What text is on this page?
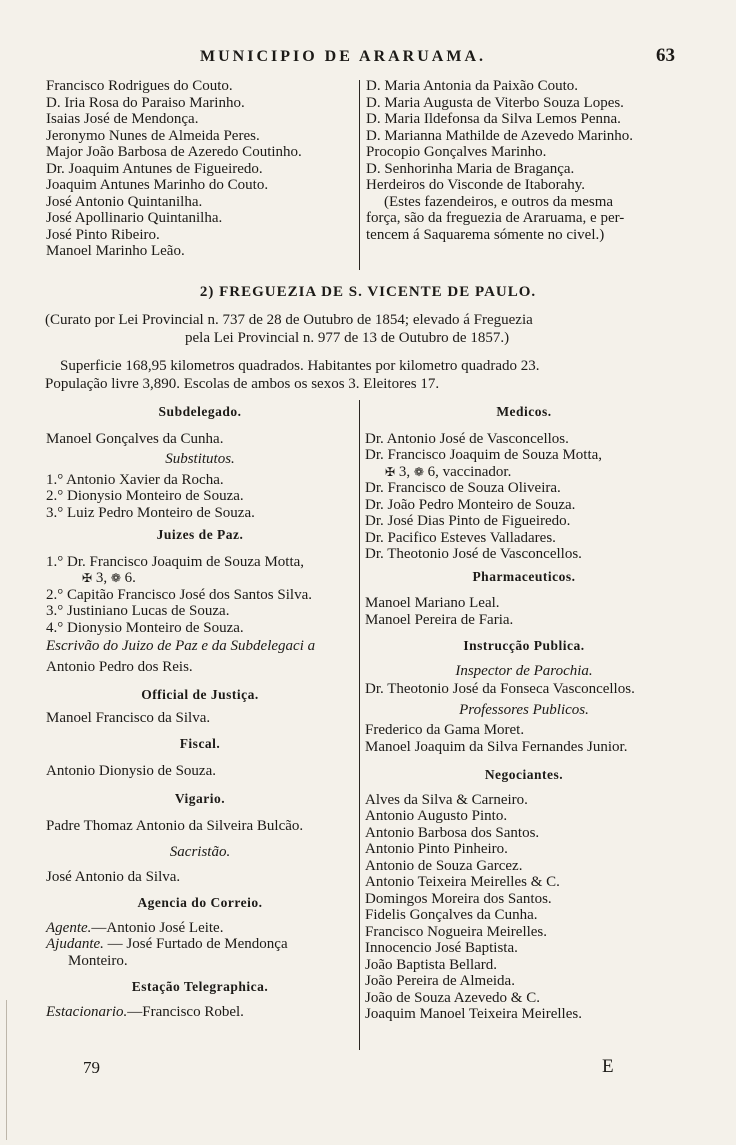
MUNICIPIO DE ARARUAMA.	63
Francisco Rodrigues do Couto.
D. Iria Rosa do Paraiso Marinho.
Isaias José de Mendonça.
Jeronymo Nunes de Almeida Peres.
Major João Barbosa de Azeredo Coutinho.
Dr. Joaquim Antunes de Figueiredo.
Joaquim Antunes Marinho do Couto.
José Antonio Quintanilha.
José Apollinario Quintanilha.
José Pinto Ribeiro.
Manoel Marinho Leão.
D. Maria Antonia da Paixão Couto.
D. Maria Augusta de Viterbo Souza Lopes.
D. Maria Ildefonsa da Silva Lemos Penna.
D. Marianna Mathilde de Azevedo Marinho.
Procopio Gonçalves Marinho.
D. Senhorinha Maria de Bragança.
Herdeiros do Visconde de Itaborahy.
(Estes fazendeiros, e outros da mesma
força, são da freguezia de Araruama, e per-
tencem á Saquarema sómente no civel.)
2) FREGUEZIA DE S. VICENTE DE PAULO.
(Curato por Lei Provincial n. 737 de 28 de Outubro de 1854; elevado á Freguezia
pela Lei Provincial n. 977 de 13 de Outubro de 1857.)
Superficie 168,95 kilometros quadrados. Habitantes por kilometro quadrado 23.
População livre 3,890. Escolas de ambos os sexos 3. Eleitores 17.
Subdelegado.
Manoel Gonçalves da Cunha.
Substitutos.
1.° Antonio Xavier da Rocha.
2.° Dionysio Monteiro de Souza.
3.° Luiz Pedro Monteiro de Souza.
Juizes de Paz.
1.° Dr. Francisco Joaquim de Souza Motta,
✠ 3, ❁ 6.
2.° Capitão Francisco José dos Santos Silva.
3.° Justiniano Lucas de Souza.
4.° Dionysio Monteiro de Souza.
Escrivão do Juizo de Paz e da Subdelegaci a
Antonio Pedro dos Reis.
Official de Justiça.
Manoel Francisco da Silva.
Fiscal.
Antonio Dionysio de Souza.
Vigario.
Padre Thomaz Antonio da Silveira Bulcão.
Sacristão.
José Antonio da Silva.
Agencia do Correio.
Agente.—Antonio José Leite.
Ajudante. — José Furtado de Mendonça
Monteiro.
Estação Telegraphica.
Estacionario.—Francisco Robel.
Medicos.
Dr. Antonio José de Vasconcellos.
Dr. Francisco Joaquim de Souza Motta,
✠ 3, ❁ 6, vaccinador.
Dr. Francisco de Souza Oliveira.
Dr. João Pedro Monteiro de Souza.
Dr. José Dias Pinto de Figueiredo.
Dr. Pacifico Esteves Valladares.
Dr. Theotonio José de Vasconcellos.
Pharmaceuticos.
Manoel Mariano Leal.
Manoel Pereira de Faria.
Instrucção Publica.
Inspector de Parochia.
Dr. Theotonio José da Fonseca Vasconcellos.
Professores Publicos.
Frederico da Gama Moret.
Manoel Joaquim da Silva Fernandes Junior.
Negociantes.
Alves da Silva & Carneiro.
Antonio Augusto Pinto.
Antonio Barbosa dos Santos.
Antonio Pinto Pinheiro.
Antonio de Souza Garcez.
Antonio Teixeira Meirelles & C.
Domingos Moreira dos Santos.
Fidelis Gonçalves da Cunha.
Francisco Nogueira Meirelles.
Innocencio José Baptista.
João Baptista Bellard.
João Pereira de Almeida.
João de Souza Azevedo & C.
Joaquim Manoel Teixeira Meirelles.
79	E
